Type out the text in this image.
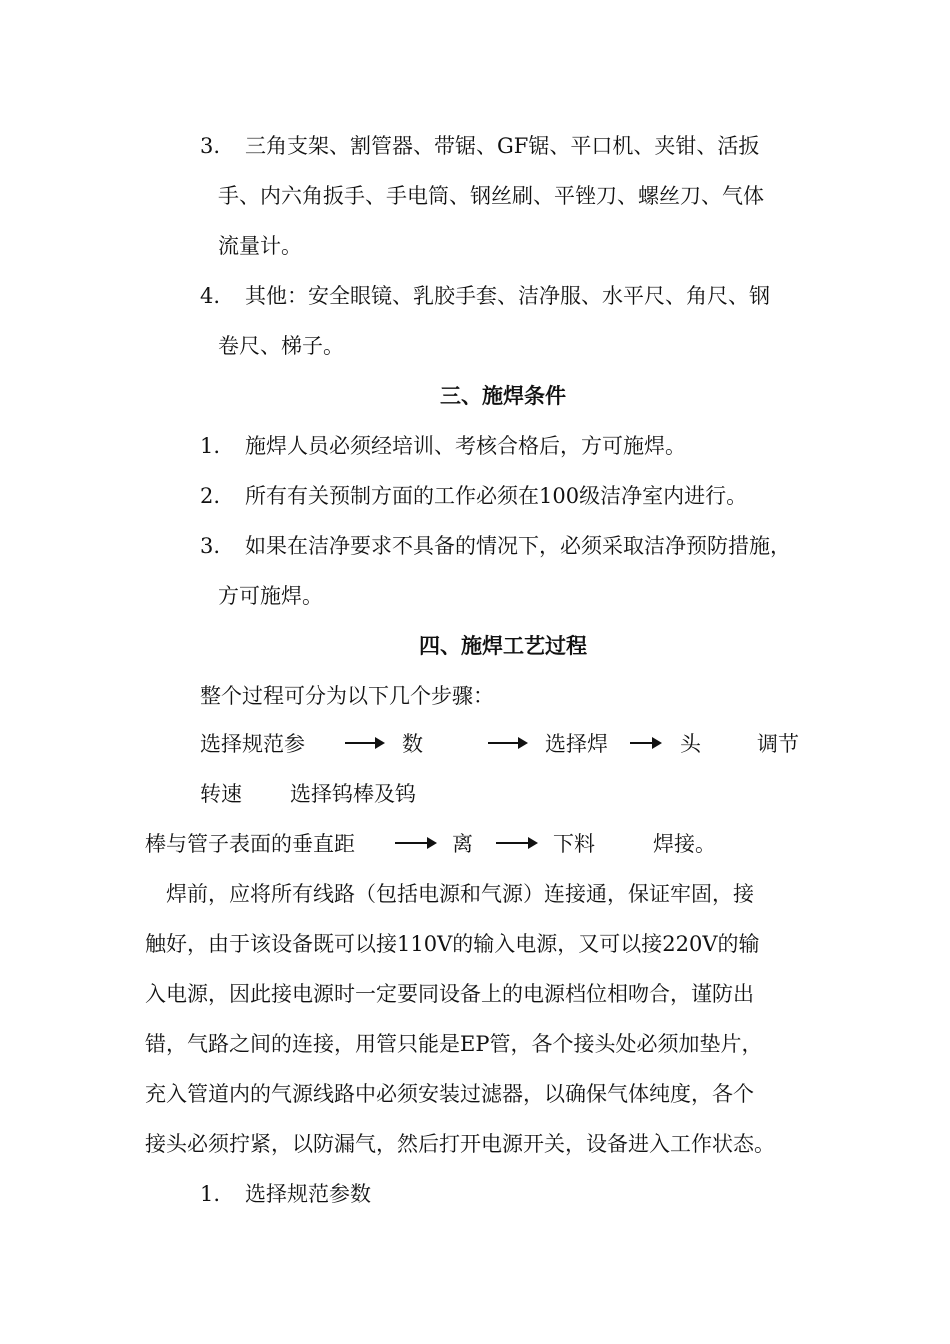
3. 三角支架、割管器、带锯、GF锯、平口机、夹钳、活扳
手、内六角扳手、手电筒、钢丝刷、平锉刀、螺丝刀、气体
流量计。
4. 其他：安全眼镜、乳胶手套、洁净服、水平尺、角尺、钢
卷尺、梯子。
三、施焊条件
1. 施焊人员必须经培训、考核合格后，方可施焊。
2. 所有有关预制方面的工作必须在100级洁净室内进行。
3. 如果在洁净要求不具备的情况下，必须采取洁净预防措施，
方可施焊。
四、施焊工艺过程
整个过程可分为以下几个步骤：
选择规范参	数	选择焊	头	调节
转速 选择钨棒及钨
棒与管子表面的垂直距	离	下料	焊接。
焊前，应将所有线路（包括电源和气源）连接通，保证牢固，接
触好，由于该设备既可以接110V的输入电源，又可以接220V的输
入电源，因此接电源时一定要同设备上的电源档位相吻合，谨防出
错，气路之间的连接，用管只能是EP管，各个接头处必须加垫片，
充入管道内的气源线路中必须安装过滤器，以确保气体纯度，各个
接头必须拧紧，以防漏气，然后打开电源开关，设备进入工作状态。
1. 选择规范参数
